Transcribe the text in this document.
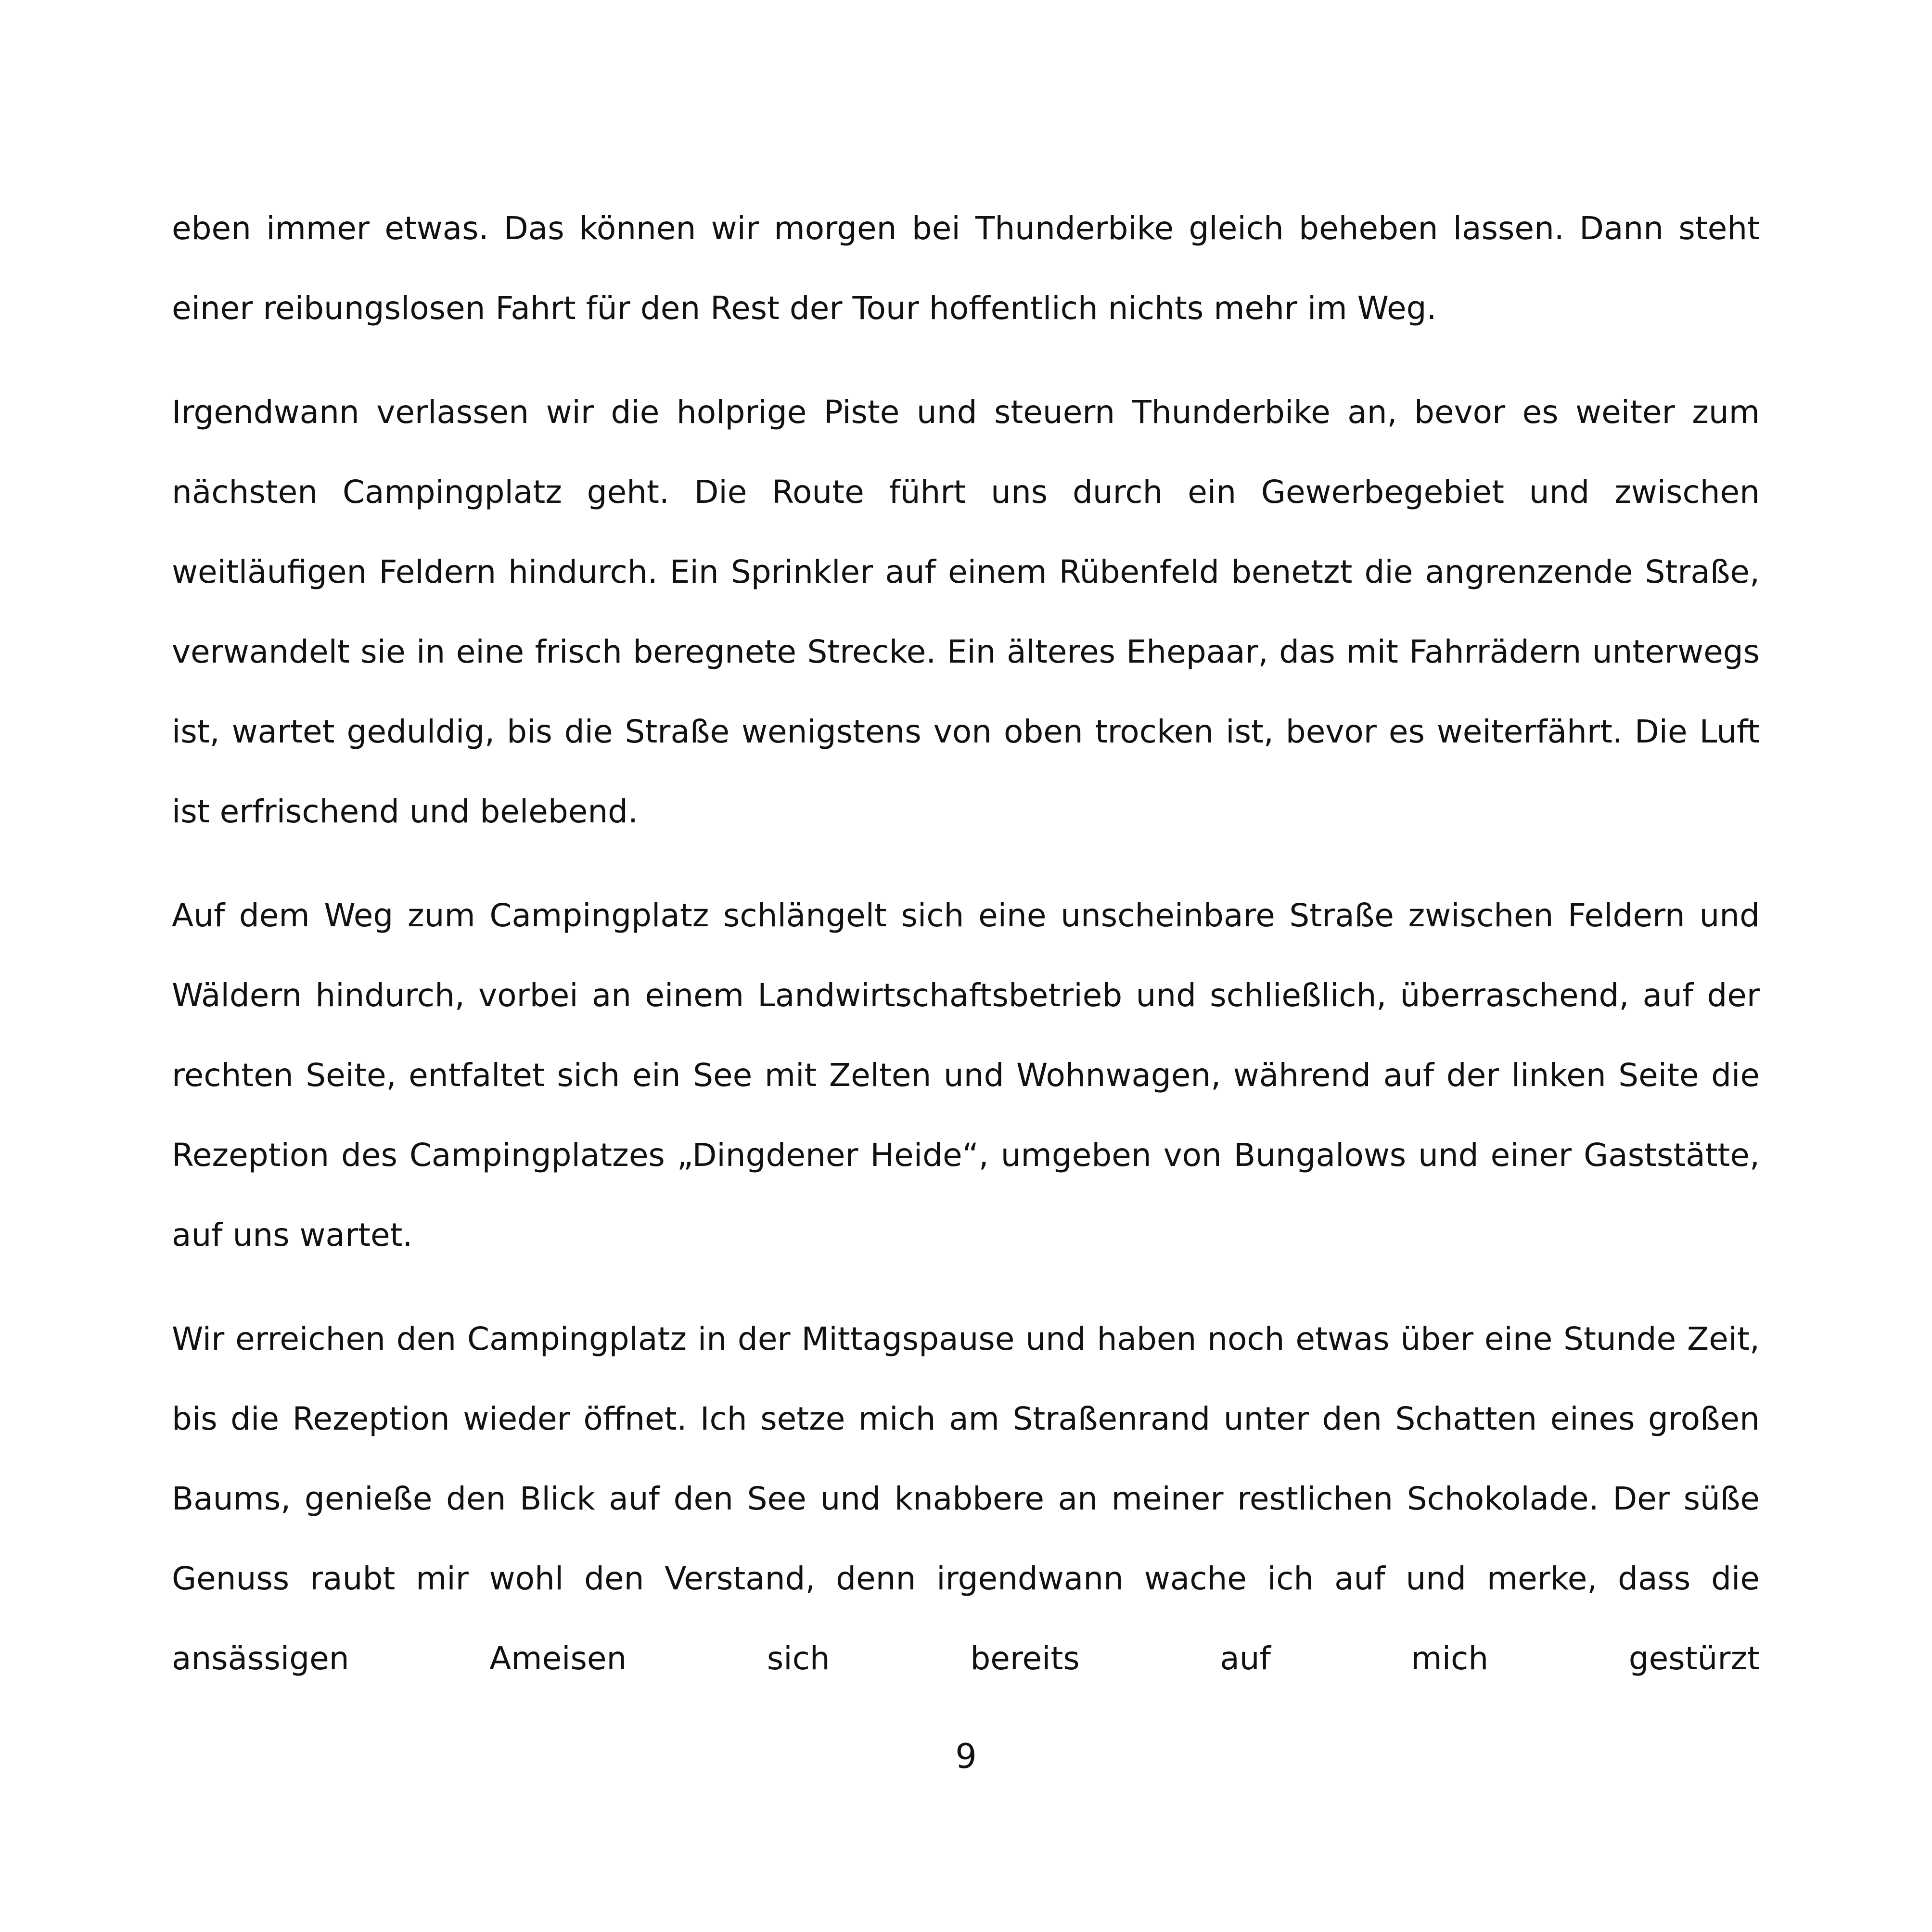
eben immer etwas. Das können wir morgen bei Thunderbike gleich beheben lassen. Dann steht einer reibungslosen Fahrt für den Rest der Tour hoffentlich nichts mehr im Weg.

Irgendwann verlassen wir die holprige Piste und steuern Thunderbike an, bevor es weiter zum nächsten Campingplatz geht. Die Route führt uns durch ein Gewerbegebiet und zwischen weitläufigen Feldern hindurch. Ein Sprinkler auf einem Rübenfeld benetzt die angrenzende Straße, verwandelt sie in eine frisch beregnete Strecke. Ein älteres Ehepaar, das mit Fahrrädern unterwegs ist, wartet geduldig, bis die Straße wenigstens von oben trocken ist, bevor es weiterfährt. Die Luft ist erfrischend und belebend.

Auf dem Weg zum Campingplatz schlängelt sich eine unscheinbare Straße zwischen Feldern und Wäldern hindurch, vorbei an einem Landwirtschaftsbetrieb und schließlich, überraschend, auf der rechten Seite, entfaltet sich ein See mit Zelten und Wohnwagen, während auf der linken Seite die Rezeption des Campingplatzes „Dingdener Heide“, umgeben von Bungalows und einer Gaststätte, auf uns wartet.

Wir erreichen den Campingplatz in der Mittagspause und haben noch etwas über eine Stunde Zeit, bis die Rezeption wieder öffnet. Ich setze mich am Straßenrand unter den Schatten eines großen Baums, genieße den Blick auf den See und knabbere an meiner restlichen Schokolade. Der süße Genuss raubt mir wohl den Verstand, denn irgendwann wache ich auf und merke, dass die ansässigen Ameisen sich bereits auf mich gestürzt

9
